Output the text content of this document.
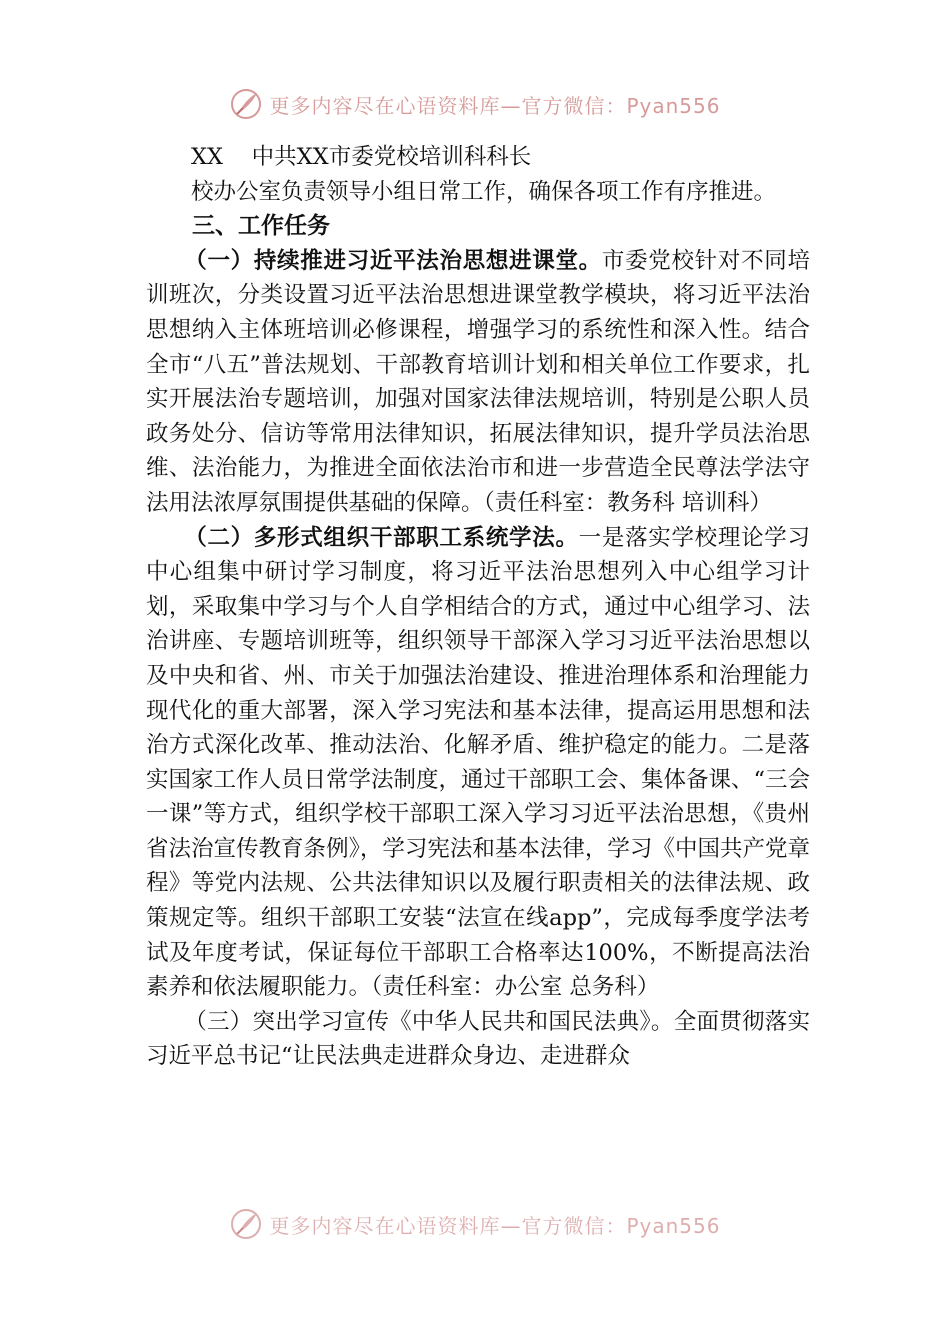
更多内容尽在心语资料库—官方微信：Pyan556

XX 中共XX市委党校培训科科长

校办公室负责领导小组日常工作，确保各项工作有序推进。

三、工作任务

（一）持续推进习近平法治思想进课堂。市委党校针对不同培训班次，分类设置习近平法治思想进课堂教学模块，将习近平法治思想纳入主体班培训必修课程，增强学习的系统性和深入性。结合全市“八五”普法规划、干部教育培训计划和相关单位工作要求，扎实开展法治专题培训，加强对国家法律法规培训，特别是公职人员政务处分、信访等常用法律知识，拓展法律知识，提升学员法治思维、法治能力，为推进全面依法治市和进一步营造全民尊法学法守法用法浓厚氛围提供基础的保障。（责任科室：教务科 培训科）

（二）多形式组织干部职工系统学法。一是落实学校理论学习中心组集中研讨学习制度，将习近平法治思想列入中心组学习计划，采取集中学习与个人自学相结合的方式，通过中心组学习、法治讲座、专题培训班等，组织领导干部深入学习习近平法治思想以及中央和省、州、市关于加强法治建设、推进治理体系和治理能力现代化的重大部署，深入学习宪法和基本法律，提高运用思想和法治方式深化改革、推动法治、化解矛盾、维护稳定的能力。二是落实国家工作人员日常学法制度，通过干部职工会、集体备课、“三会一课”等方式，组织学校干部职工深入学习习近平法治思想，《贵州省法治宣传教育条例》，学习宪法和基本法律，学习《中国共产党章程》等党内法规、公共法律知识以及履行职责相关的法律法规、政策规定等。组织干部职工安装“法宣在线app”，完成每季度学法考试及年度考试，保证每位干部职工合格率达100%，不断提高法治素养和依法履职能力。（责任科室：办公室 总务科）

（三）突出学习宣传《中华人民共和国民法典》。全面贯彻落实习近平总书记“让民法典走进群众身边、走进群众

更多内容尽在心语资料库—官方微信：Pyan556
